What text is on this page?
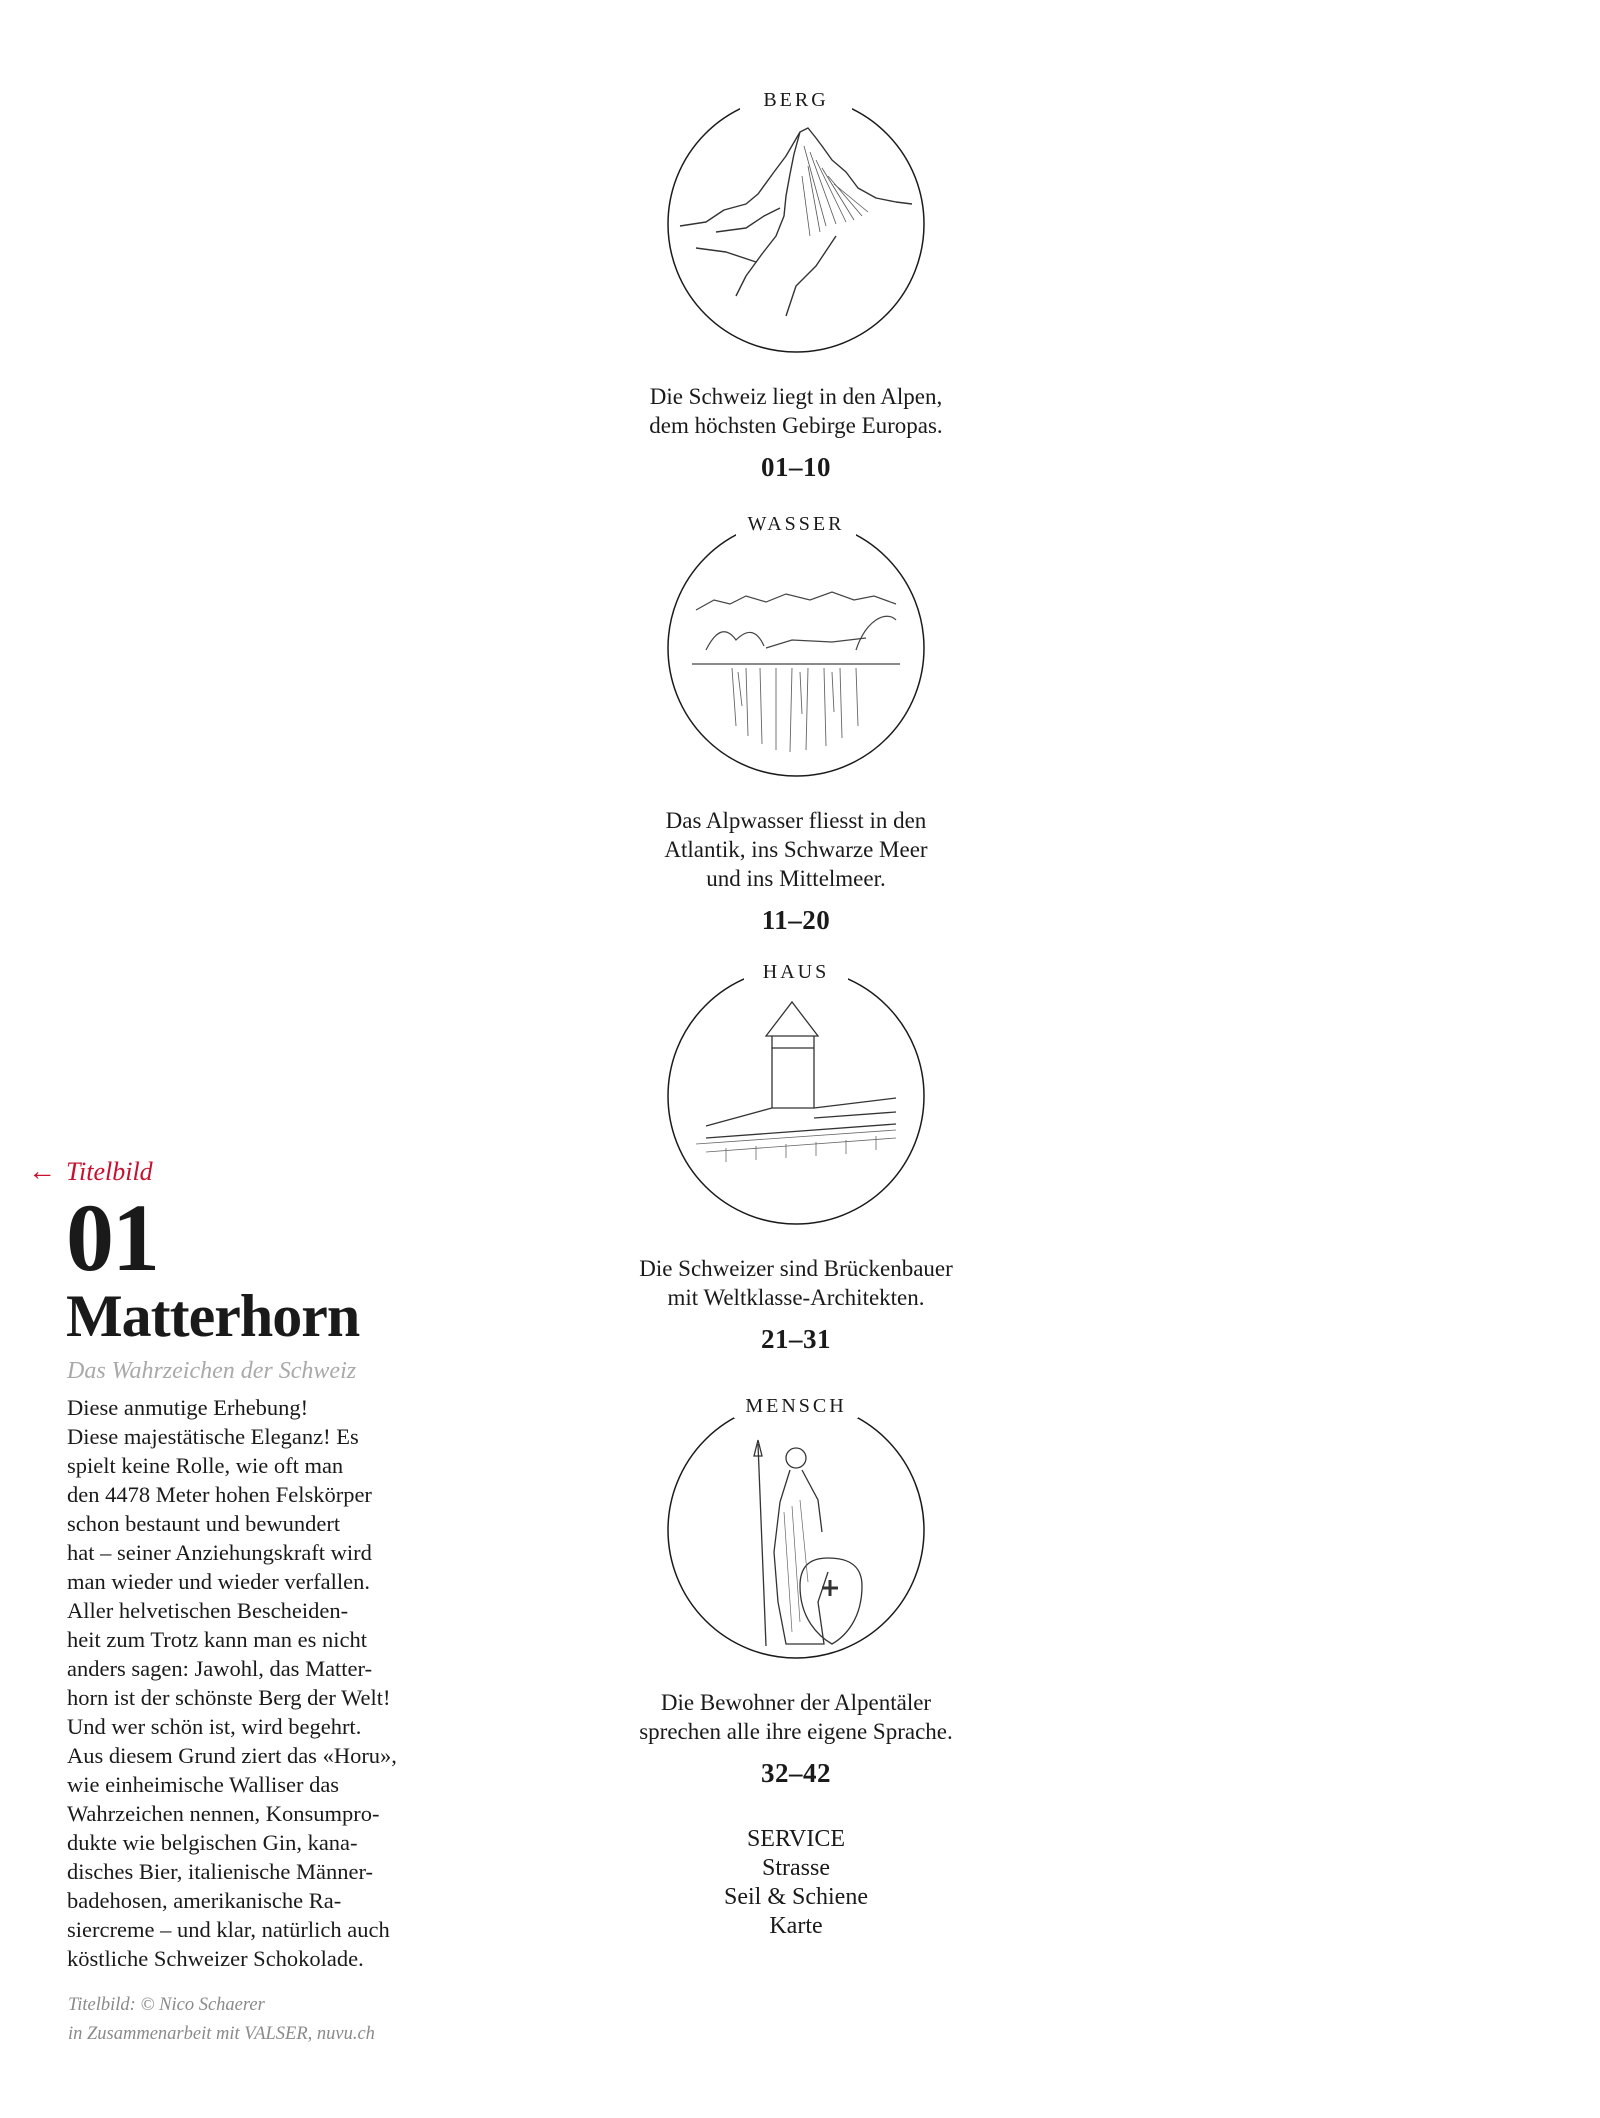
BERG
Die Schweiz liegt in den Alpen,
dem höchsten Gebirge Europas.
01–10
WASSER
Das Alpwasser fliesst in den
Atlantik, ins Schwarze Meer
und ins Mittelmeer.
11–20
HAUS
Die Schweizer sind Brückenbauer
mit Weltklasse-Architekten.
21–31
MENSCH
Die Bewohner der Alpentäler
sprechen alle ihre eigene Sprache.
32–42
SERVICE
Strasse
Seil & Schiene
Karte
← Titelbild
01
Matterhorn
Das Wahrzeichen der Schweiz
Diese anmutige Erhebung!
Diese majestätische Eleganz! Es
spielt keine Rolle, wie oft man
den 4478 Meter hohen Felskörper
schon bestaunt und bewundert
hat – seiner Anziehungskraft wird
man wieder und wieder verfallen.
Aller helvetischen Bescheiden-
heit zum Trotz kann man es nicht
anders sagen: Jawohl, das Matter-
horn ist der schönste Berg der Welt!
Und wer schön ist, wird begehrt.
Aus diesem Grund ziert das «Horu»,
wie einheimische Walliser das
Wahrzeichen nennen, Konsumpro-
dukte wie belgischen Gin, kana-
disches Bier, italienische Männer-
badehosen, amerikanische Ra-
siercreme – und klar, natürlich auch
köstliche Schweizer Schokolade.
Titelbild: © Nico Schaerer
in Zusammenarbeit mit VALSER, nuvu.ch
